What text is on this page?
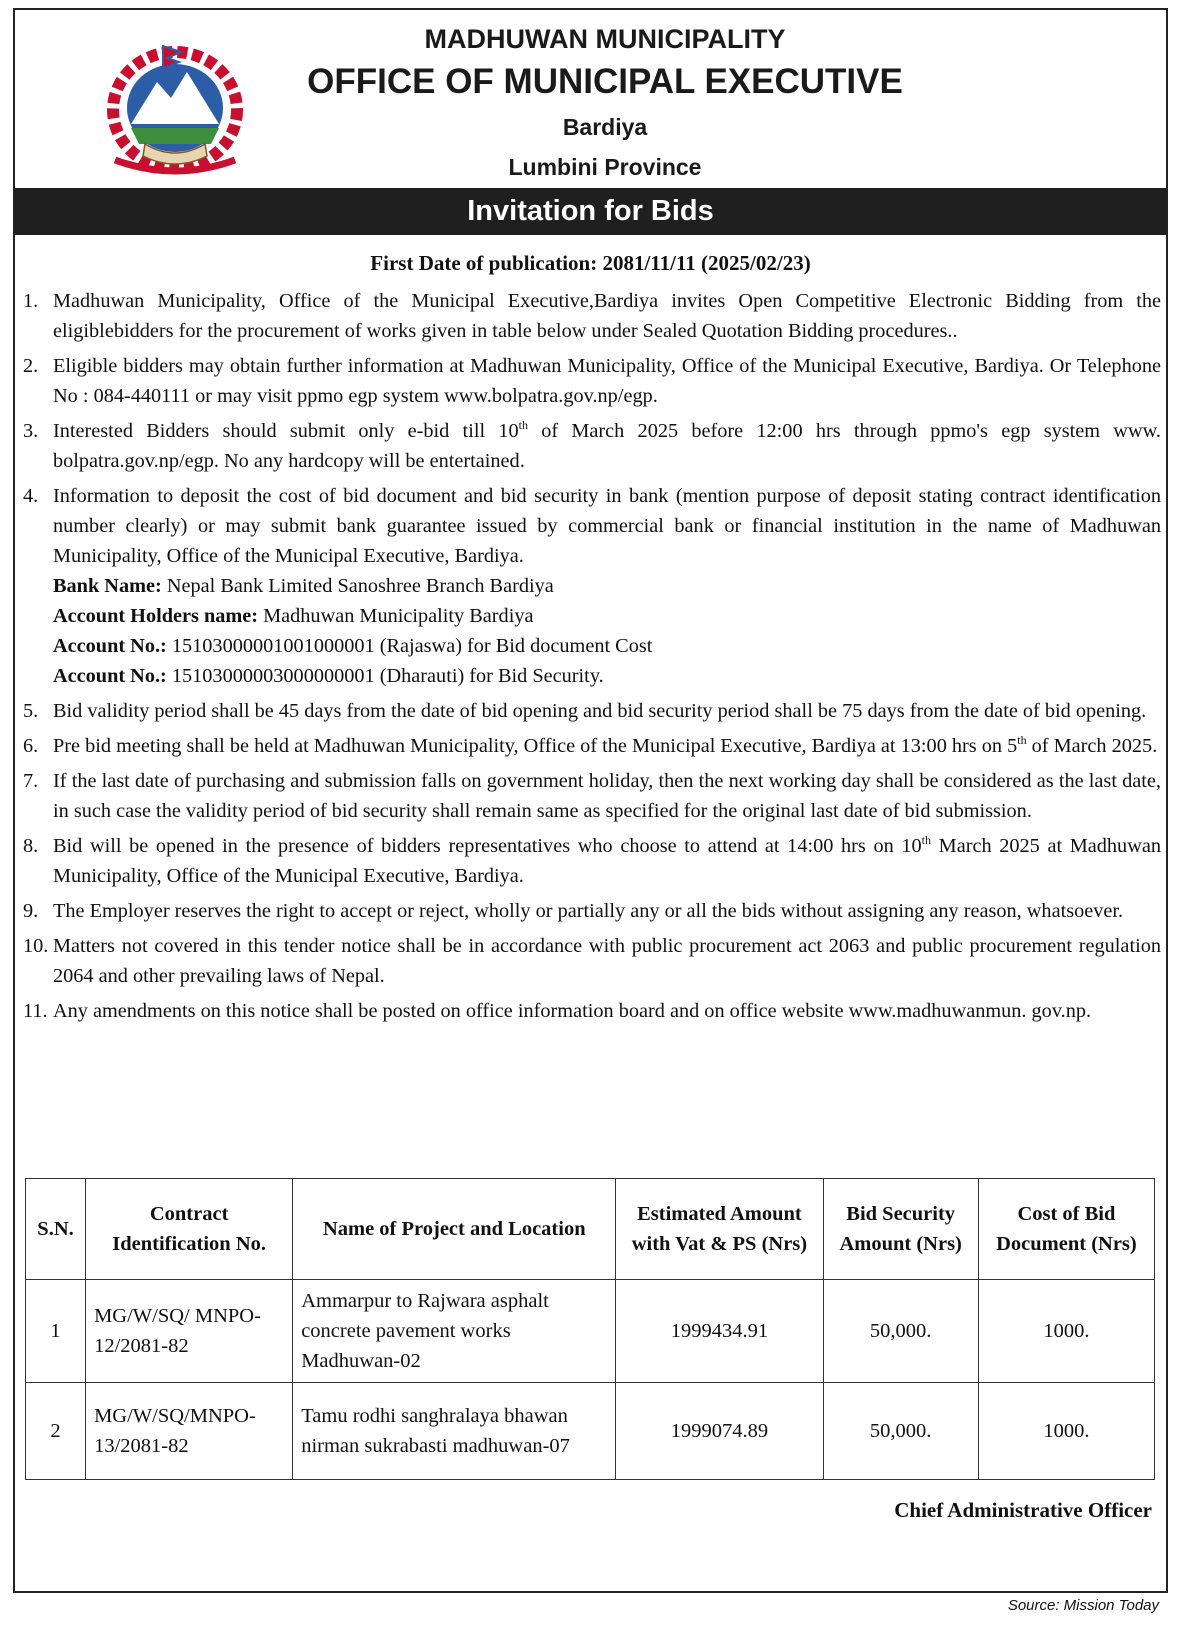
MADHUWAN MUNICIPALITY
OFFICE OF MUNICIPAL EXECUTIVE
Bardiya
Lumbini Province
Invitation for Bids
First Date of publication: 2081/11/11 (2025/02/23)
1. Madhuwan Municipality, Office of the Municipal Executive,Bardiya invites Open Competitive Electronic Bidding from the eligiblebidders for the procurement of works given in table below under Sealed Quotation Bidding procedures..
2. Eligible bidders may obtain further information at Madhuwan Municipality, Office of the Municipal Executive, Bardiya. Or Telephone No : 084-440111 or may visit ppmo egp system www.bolpatra.gov.np/egp.
3. Interested Bidders should submit only e-bid till 10th of March 2025 before 12:00 hrs through ppmo's egp system www. bolpatra.gov.np/egp. No any hardcopy will be entertained.
4. Information to deposit the cost of bid document and bid security in bank (mention purpose of deposit stating contract identification number clearly) or may submit bank guarantee issued by commercial bank or financial institution in the name of Madhuwan Municipality, Office of the Municipal Executive, Bardiya.
Bank Name: Nepal Bank Limited Sanoshree Branch Bardiya
Account Holders name: Madhuwan Municipality Bardiya
Account No.: 15103000001001000001 (Rajaswa) for Bid document Cost
Account No.: 15103000003000000001 (Dharauti) for Bid Security.
5. Bid validity period shall be 45 days from the date of bid opening and bid security period shall be 75 days from the date of bid opening.
6. Pre bid meeting shall be held at Madhuwan Municipality, Office of the Municipal Executive, Bardiya at 13:00 hrs on 5th of March 2025.
7. If the last date of purchasing and submission falls on government holiday, then the next working day shall be considered as the last date, in such case the validity period of bid security shall remain same as specified for the original last date of bid submission.
8. Bid will be opened in the presence of bidders representatives who choose to attend at 14:00 hrs on 10th March 2025 at Madhuwan Municipality, Office of the Municipal Executive, Bardiya.
9. The Employer reserves the right to accept or reject, wholly or partially any or all the bids without assigning any reason, whatsoever.
10. Matters not covered in this tender notice shall be in accordance with public procurement act 2063 and public procurement regulation 2064 and other prevailing laws of Nepal.
11. Any amendments on this notice shall be posted on office information board and on office website www.madhuwanmun. gov.np.
S.N.	Contract Identification No.	Name of Project and Location	Estimated Amount with Vat & PS (Nrs)	Bid Security Amount (Nrs)	Cost of Bid Document (Nrs)
1	MG/W/SQ/ MNPO-12/2081-82	Ammarpur to Rajwara asphalt concrete pavement works Madhuwan-02	1999434.91	50,000.	1000.
2	MG/W/SQ/MNPO-13/2081-82	Tamu rodhi sanghralaya bhawan nirman sukrabasti madhuwan-07	1999074.89	50,000.	1000.
Chief Administrative Officer
Source: Mission Today
